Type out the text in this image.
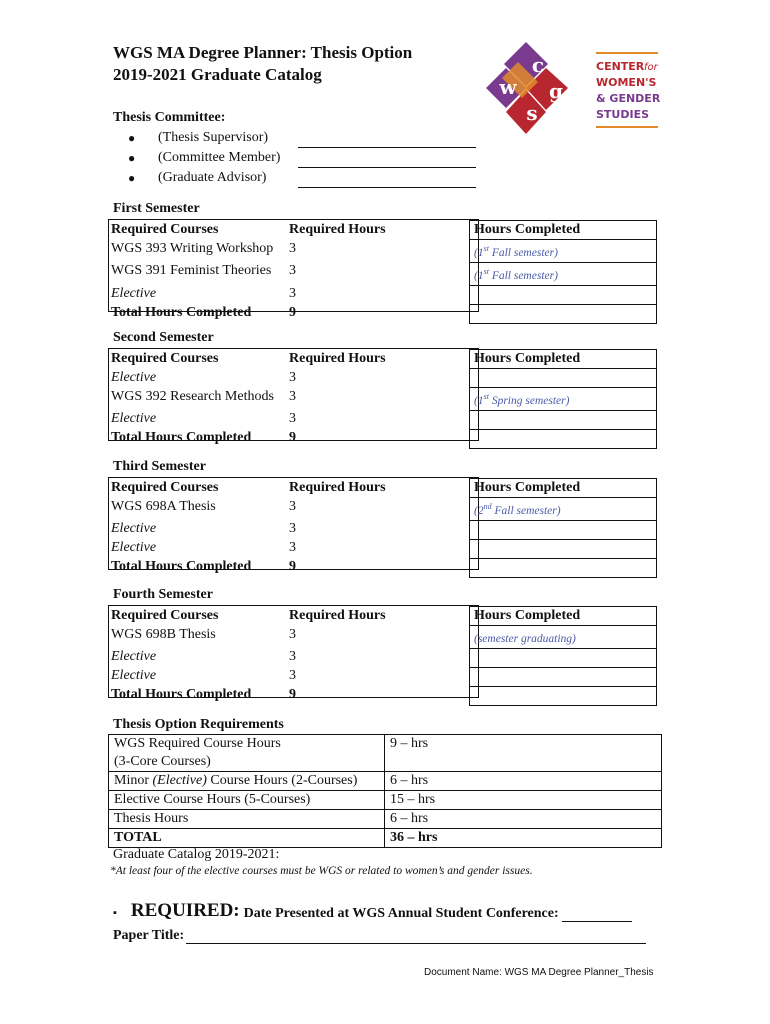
WGS MA Degree Planner: Thesis Option
2019-2021 Graduate Catalog	c
w g
s
CENTER for
WOMEN'S
& GENDER
STUDIES
Thesis Committee:
●	(Thesis Supervisor)
●	(Committee Member)
●	(Graduate Advisor)
First Semester
Required Courses	Required Hours	Hours Completed
WGS 393 Writing Workshop	3	(1st Fall semester)
WGS 391 Feminist Theories	3	(1st Fall semester)
Elective	3	
Total Hours Completed	9	
Second Semester
Required Courses	Required Hours	Hours Completed
Elective	3	
WGS 392 Research Methods	3	(1st Spring semester)
Elective	3	
Total Hours Completed	9	
Third Semester
Required Courses	Required Hours	Hours Completed
WGS 698A Thesis	3	(2nd Fall semester)
Elective	3	
Elective	3	
Total Hours Completed	9	
Fourth Semester
Required Courses	Required Hours	Hours Completed
WGS 698B Thesis	3	(semester graduating)
Elective	3	
Elective	3	
Total Hours Completed	9	
Thesis Option Requirements
WGS Required Course Hours
(3-Core Courses)	9 – hrs
Minor (Elective) Course Hours (2-Courses)	6 – hrs
Elective Course Hours (5-Courses)	15 – hrs
Thesis Hours	6 – hrs
TOTAL	36 – hrs
Graduate Catalog 2019-2021:
*At least four of the elective courses must be WGS or related to women’s and gender issues.
▪ REQUIRED: Date Presented at WGS Annual Student Conference:
Paper Title:
Document Name: WGS MA Degree Planner_Thesis
